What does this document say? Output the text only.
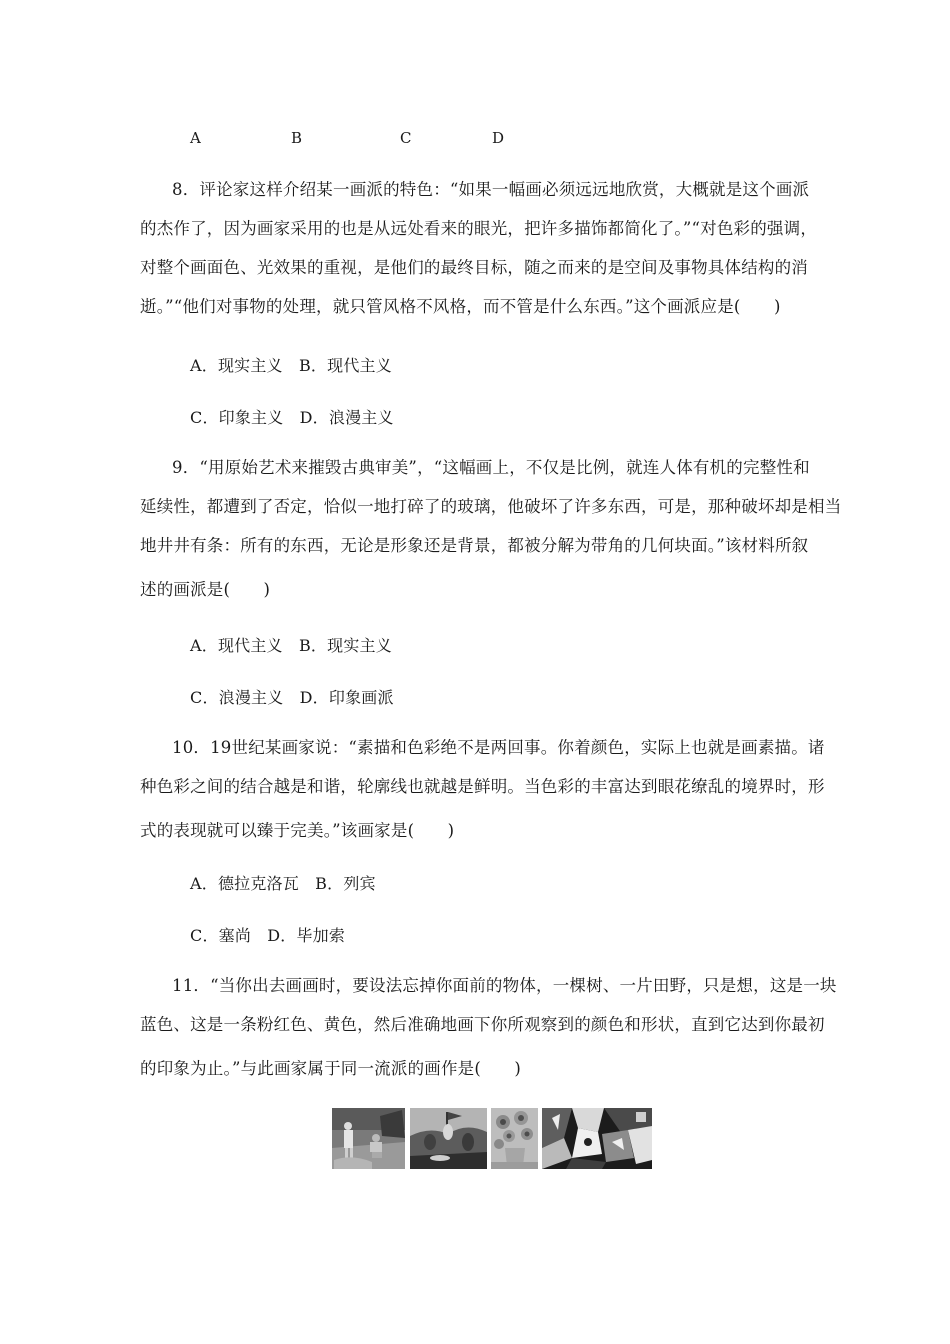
A	B	C	D
8．评论家这样介绍某一画派的特色：“如果一幅画必须远远地欣赏，大概就是这个画派
的杰作了，因为画家采用的也是从远处看来的眼光，把许多描饰都简化了。”“对色彩的强调，
对整个画面色、光效果的重视，是他们的最终目标，随之而来的是空间及事物具体结构的消
逝。”“他们对事物的处理，就只管风格不风格，而不管是什么东西。”这个画派应是(　　)
A．现实主义　B．现代主义
C．印象主义　D．浪漫主义
9．“用原始艺术来摧毁古典审美”，“这幅画上，不仅是比例，就连人体有机的完整性和
延续性，都遭到了否定，恰似一地打碎了的玻璃，他破坏了许多东西，可是，那种破坏却是相当
地井井有条：所有的东西，无论是形象还是背景，都被分解为带角的几何块面。”该材料所叙
述的画派是(　　)
A．现代主义　B．现实主义
C．浪漫主义　D．印象画派
10．19世纪某画家说：“素描和色彩绝不是两回事。你着颜色，实际上也就是画素描。诸
种色彩之间的结合越是和谐，轮廓线也就越是鲜明。当色彩的丰富达到眼花缭乱的境界时，形
式的表现就可以臻于完美。”该画家是(　　)
A．德拉克洛瓦　B．列宾
C．塞尚　D．毕加索
11．“当你出去画画时，要设法忘掉你面前的物体，一棵树、一片田野，只是想，这是一块
蓝色、这是一条粉红色、黄色，然后准确地画下你所观察到的颜色和形状，直到它达到你最初
的印象为止。”与此画家属于同一流派的画作是(　　)
